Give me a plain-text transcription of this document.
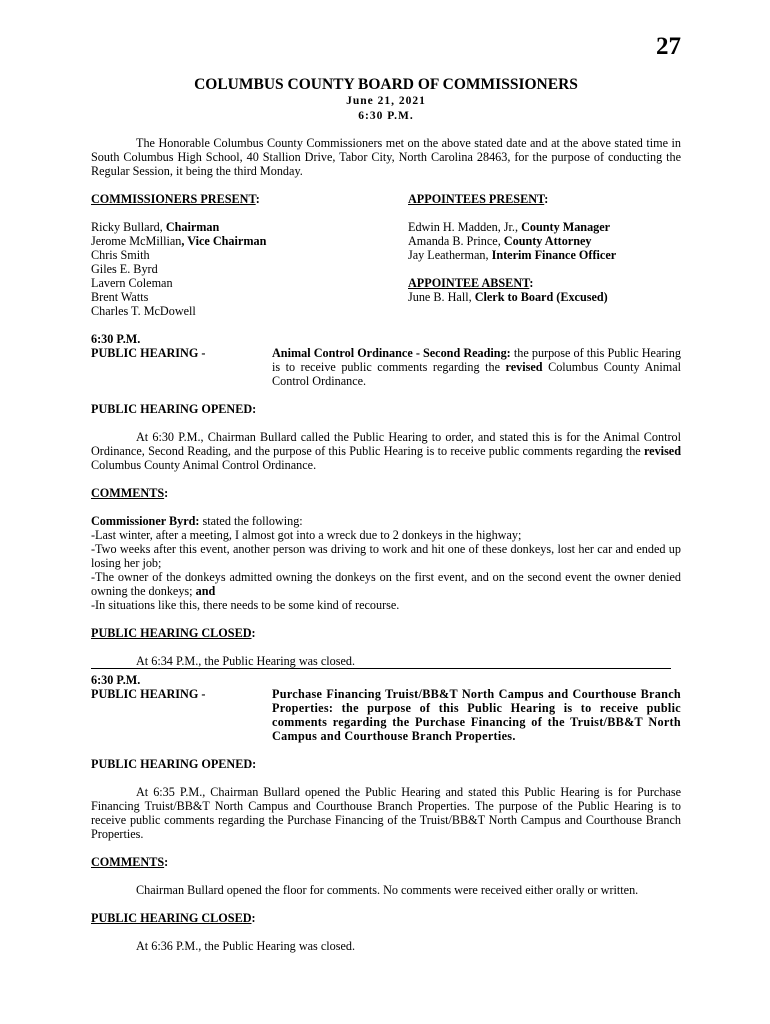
27
COLUMBUS COUNTY BOARD OF COMMISSIONERS
June 21, 2021
6:30 P.M.

The Honorable Columbus County Commissioners met on the above stated date and at the above stated time in South Columbus High School, 40 Stallion Drive, Tabor City, North Carolina 28463, for the purpose of conducting the Regular Session, it being the third Monday.

COMMISSIONERS PRESENT:
Ricky Bullard, Chairman
Jerome McMillian, Vice Chairman
Chris Smith
Giles E. Byrd
Lavern Coleman
Brent Watts
Charles T. McDowell
APPOINTEES PRESENT:
Edwin H. Madden, Jr., County Manager
Amanda B. Prince, County Attorney
Jay Leatherman, Interim Finance Officer
APPOINTEE ABSENT:
June B. Hall, Clerk to Board (Excused)
6:30 P.M.
PUBLIC HEARING -	Animal Control Ordinance - Second Reading: the purpose of this Public Hearing is to receive public comments regarding the revised Columbus County Animal Control Ordinance.
PUBLIC HEARING OPENED:

At 6:30 P.M., Chairman Bullard called the Public Hearing to order, and stated this is for the Animal Control Ordinance, Second Reading, and the purpose of this Public Hearing is to receive public comments regarding the revised Columbus County Animal Control Ordinance.

COMMENTS:

Commissioner Byrd: stated the following:

-Last winter, after a meeting, I almost got into a wreck due to 2 donkeys in the highway;

-Two weeks after this event, another person was driving to work and hit one of these donkeys, lost her car and ended up losing her job;

-The owner of the donkeys admitted owning the donkeys on the first event, and on the second event the owner denied owning the donkeys; and

-In situations like this, there needs to be some kind of recourse.

PUBLIC HEARING CLOSED:

At 6:34 P.M., the Public Hearing was closed.

6:30 P.M.
PUBLIC HEARING -	Purchase Financing Truist/BB&T North Campus and Courthouse Branch Properties: the purpose of this Public Hearing is to receive public comments regarding the Purchase Financing of the Truist/BB&T North Campus and Courthouse Branch Properties.
PUBLIC HEARING OPENED:

At 6:35 P.M., Chairman Bullard opened the Public Hearing and stated this Public Hearing is for Purchase Financing Truist/BB&T North Campus and Courthouse Branch Properties. The purpose of the Public Hearing is to receive public comments regarding the Purchase Financing of the Truist/BB&T North Campus and Courthouse Branch Properties.

COMMENTS:

Chairman Bullard opened the floor for comments. No comments were received either orally or written.

PUBLIC HEARING CLOSED:

At 6:36 P.M., the Public Hearing was closed.
